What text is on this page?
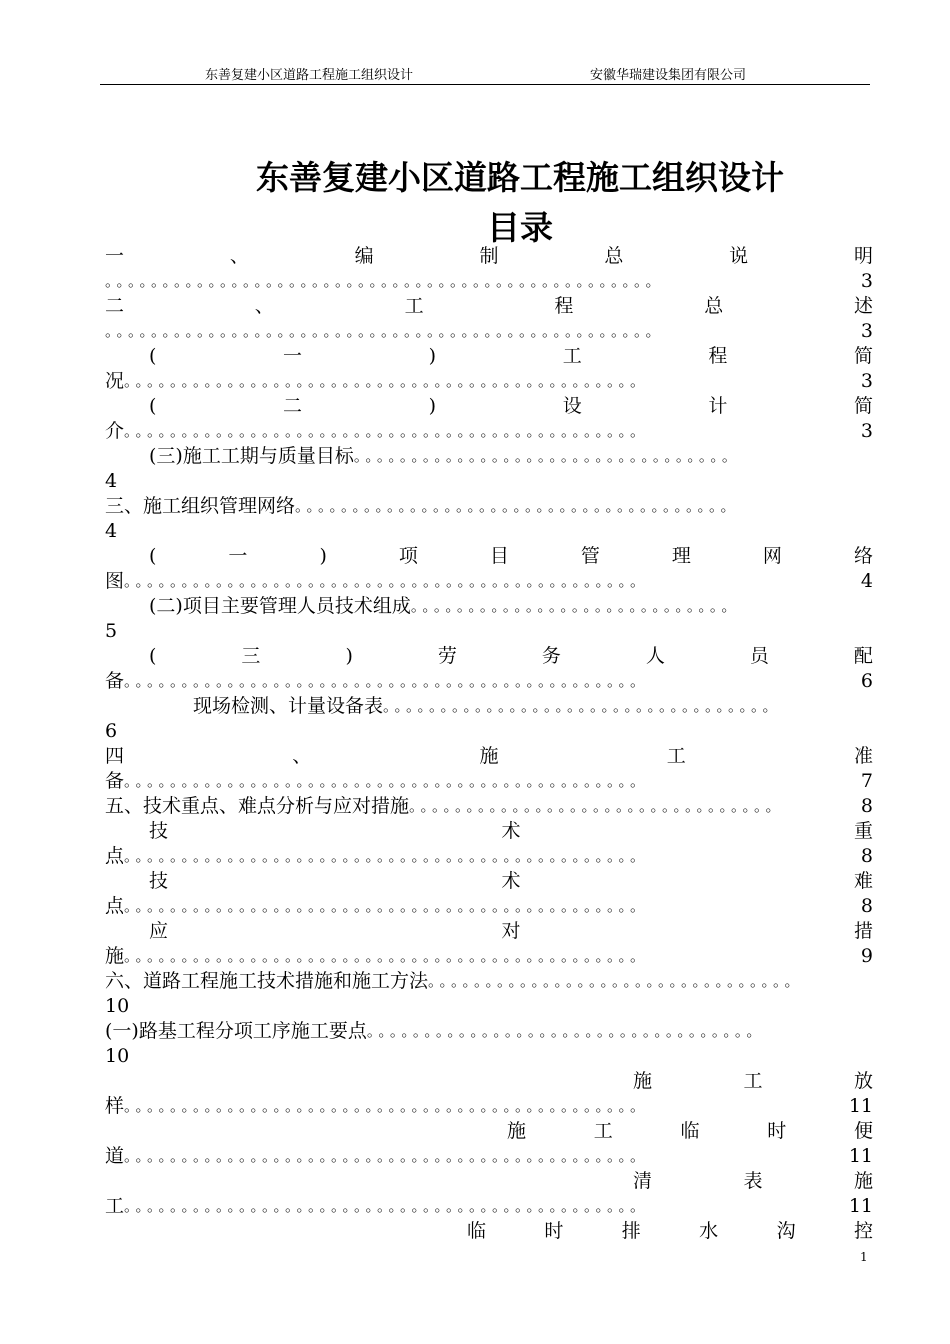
东善复建小区道路工程施工组织设计	安徽华瑞建设集团有限公司
东善复建小区道路工程施工组织设计
目录
一	、	编	制	总	说	明
。。。。。。。。。。。。。。。。。。。。。。。。。。。。。。。。。。。。。。。。。。。。。。。。	3
二	、	工	程	总	述
。。。。。。。。。。。。。。。。。。。。。。。。。。。。。。。。。。。。。。。。。。。。。。。。	3
(	一	)	工	程	简
况 。。。。。。。。。。。。。。。。。。。。。。。。。。。。。。。。。。。。。。。。。。。。。	3
(	二	)	设	计	简
介 。。。。。。。。。。。。。。。。。。。。。。。。。。。。。。。。。。。。。。。。。。。。。	3
(三)施工工期与质量目标 。。。。。。。。。。。。。。。。。。。。。。。。。。。。。。。。。
4
三、施工组织管理网络 。。。。。。。。。。。。。。。。。。。。。。。。。。。。。。。。。。。。。。
4
(	一	)	项	目	管	理	网	络
图 。。。。。。。。。。。。。。。。。。。。。。。。。。。。。。。。。。。。。。。。。。。。。	4
(二)项目主要管理人员技术组成 。。。。。。。。。。。。。。。。。。。。。。。。。。。。
5
(	三	)	劳	务	人	员	配
备 。。。。。。。。。。。。。。。。。。。。。。。。。。。。。。。。。。。。。。。。。。。。。	6
现场检测、计量设备表 。。。。。。。。。。。。。。。。。。。。。。。。。。。。。。。。。。
6
四	、	施	工	准
备 。。。。。。。。。。。。。。。。。。。。。。。。。。。。。。。。。。。。。。。。。。。。。	7
五、技术重点、难点分析与应对措施 。。。。。。。。。。。。。。。。。。。。。。。。。。。。。。。。	8
技	术	重
点 。。。。。。。。。。。。。。。。。。。。。。。。。。。。。。。。。。。。。。。。。。。。。	8
技	术	难
点 。。。。。。。。。。。。。。。。。。。。。。。。。。。。。。。。。。。。。。。。。。。。。	8
应	对	措
施 。。。。。。。。。。。。。。。。。。。。。。。。。。。。。。。。。。。。。。。。。。。。。	9
六、道路工程施工技术措施和施工方法 。。。。。。。。。。。。。。。。。。。。。。。。。。。。。。。。
10
(一)路基工程分项工序施工要点 。。。。。。。。。。。。。。。。。。。。。。。。。。。。。。。。。。
10
施	工	放
样 。。。。。。。。。。。。。。。。。。。。。。。。。。。。。。。。。。。。。。。。。。。。。	11
施	工	临	时	便
道 。。。。。。。。。。。。。。。。。。。。。。。。。。。。。。。。。。。。。。。。。。。。。	11
清	表	施
工 。。。。。。。。。。。。。。。。。。。。。。。。。。。。。。。。。。。。。。。。。。。。。	11
临	时	排	水	沟	控
1
